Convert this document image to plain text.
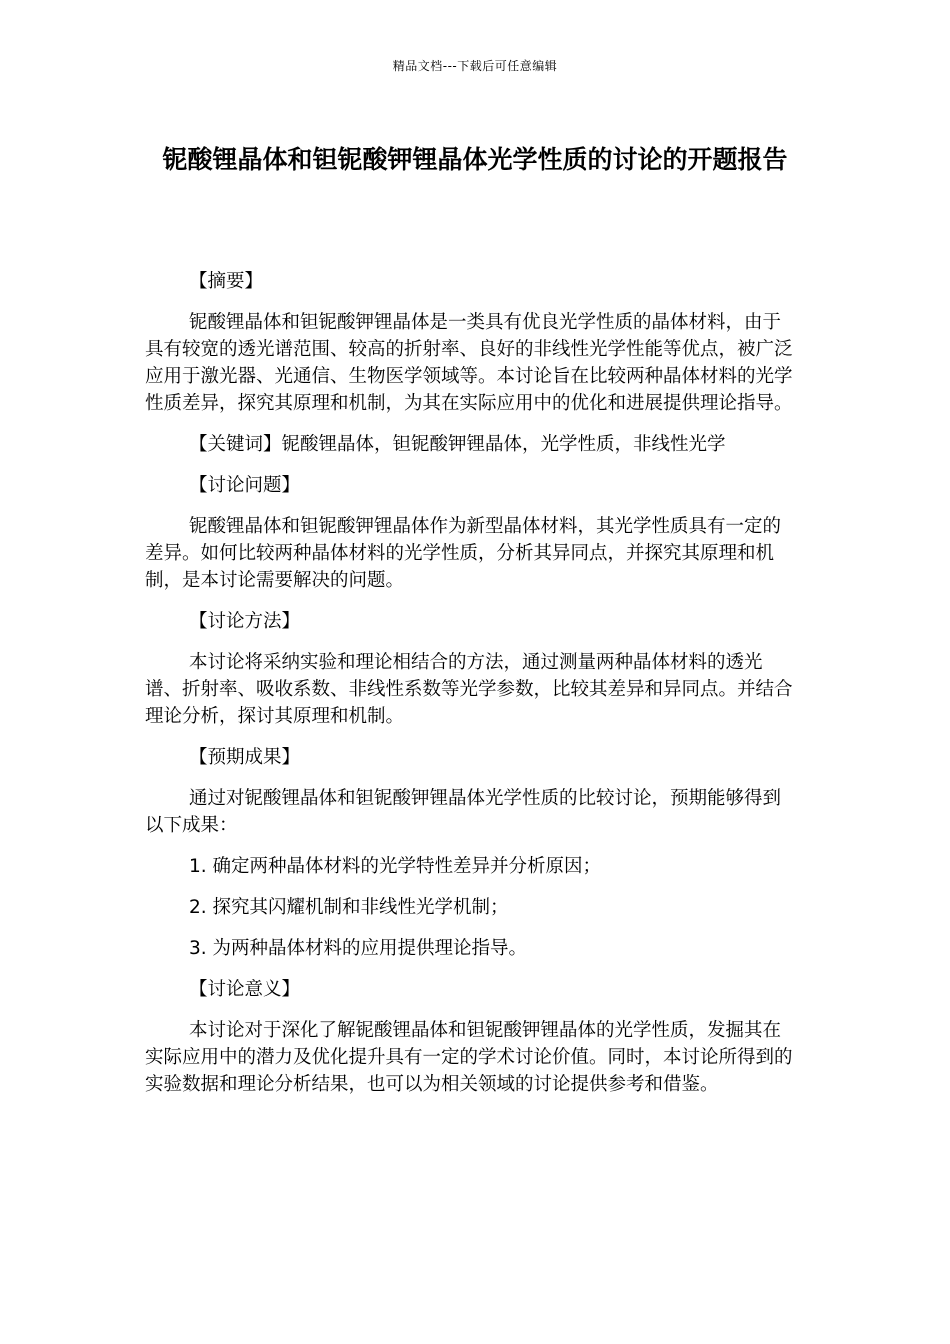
精品文档---下载后可任意编辑
铌酸锂晶体和钽铌酸钾锂晶体光学性质的讨论的开题报告

【摘要】

铌酸锂晶体和钽铌酸钾锂晶体是一类具有优良光学性质的晶体材料，由于具有较宽的透光谱范围、较高的折射率、良好的非线性光学性能等优点，被广泛应用于激光器、光通信、生物医学领域等。本讨论旨在比较两种晶体材料的光学性质差异，探究其原理和机制，为其在实际应用中的优化和进展提供理论指导。

【关键词】铌酸锂晶体，钽铌酸钾锂晶体，光学性质，非线性光学

【讨论问题】

铌酸锂晶体和钽铌酸钾锂晶体作为新型晶体材料，其光学性质具有一定的差异。如何比较两种晶体材料的光学性质，分析其异同点，并探究其原理和机制，是本讨论需要解决的问题。

【讨论方法】

本讨论将采纳实验和理论相结合的方法，通过测量两种晶体材料的透光谱、折射率、吸收系数、非线性系数等光学参数，比较其差异和异同点。并结合理论分析，探讨其原理和机制。

【预期成果】

通过对铌酸锂晶体和钽铌酸钾锂晶体光学性质的比较讨论，预期能够得到以下成果：

1. 确定两种晶体材料的光学特性差异并分析原因；

2. 探究其闪耀机制和非线性光学机制；

3. 为两种晶体材料的应用提供理论指导。

【讨论意义】

本讨论对于深化了解铌酸锂晶体和钽铌酸钾锂晶体的光学性质，发掘其在实际应用中的潜力及优化提升具有一定的学术讨论价值。同时，本讨论所得到的实验数据和理论分析结果，也可以为相关领域的讨论提供参考和借鉴。
